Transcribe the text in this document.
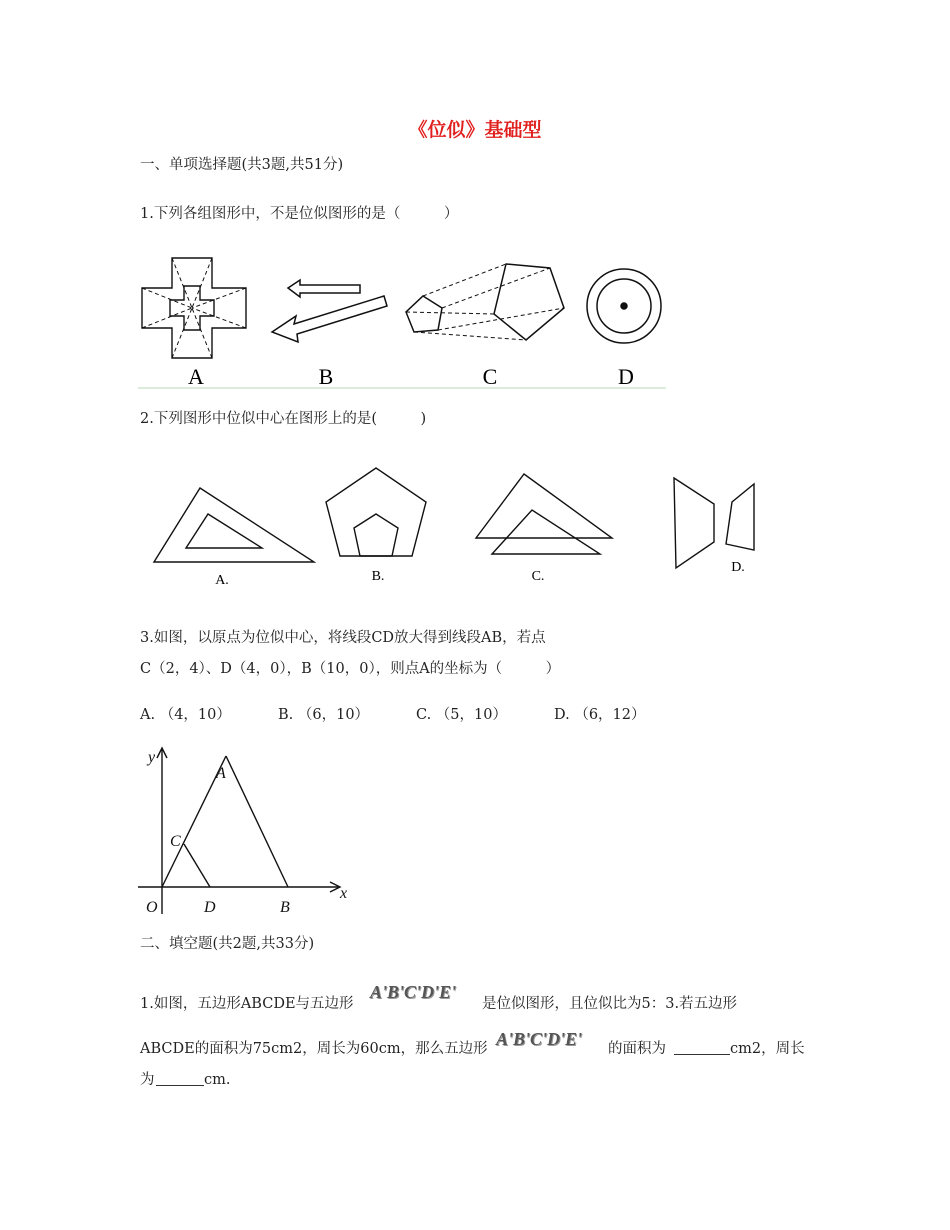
《位似》基础型
一、单项选择题(共3题,共51分)
1.下列各组图形中，不是位似图形的是（　　　）
A	B	C	D
2.下列图形中位似中心在图形上的是(　　　)
A.	B.	C.
D.
3.如图，以原点为位似中心，将线段CD放大得到线段AB，若点
C（2，4）、D（4，0），B（10，0），则点A的坐标为（　　　）
A. （4，10）	B. （6，10）	C. （5，10）	D. （6，12）
y
x
O
A
B
C
D
二、填空题(共2题,共33分)
1.如图，五边形ABCDE与五边形
A'B'C'D'E'
是位似图形，且位似比为5：3.若五边形
ABCDE的面积为75cm2，周长为60cm，那么五边形 A'B'C'D'E' 的面积为	cm2，周长
为	cm.
